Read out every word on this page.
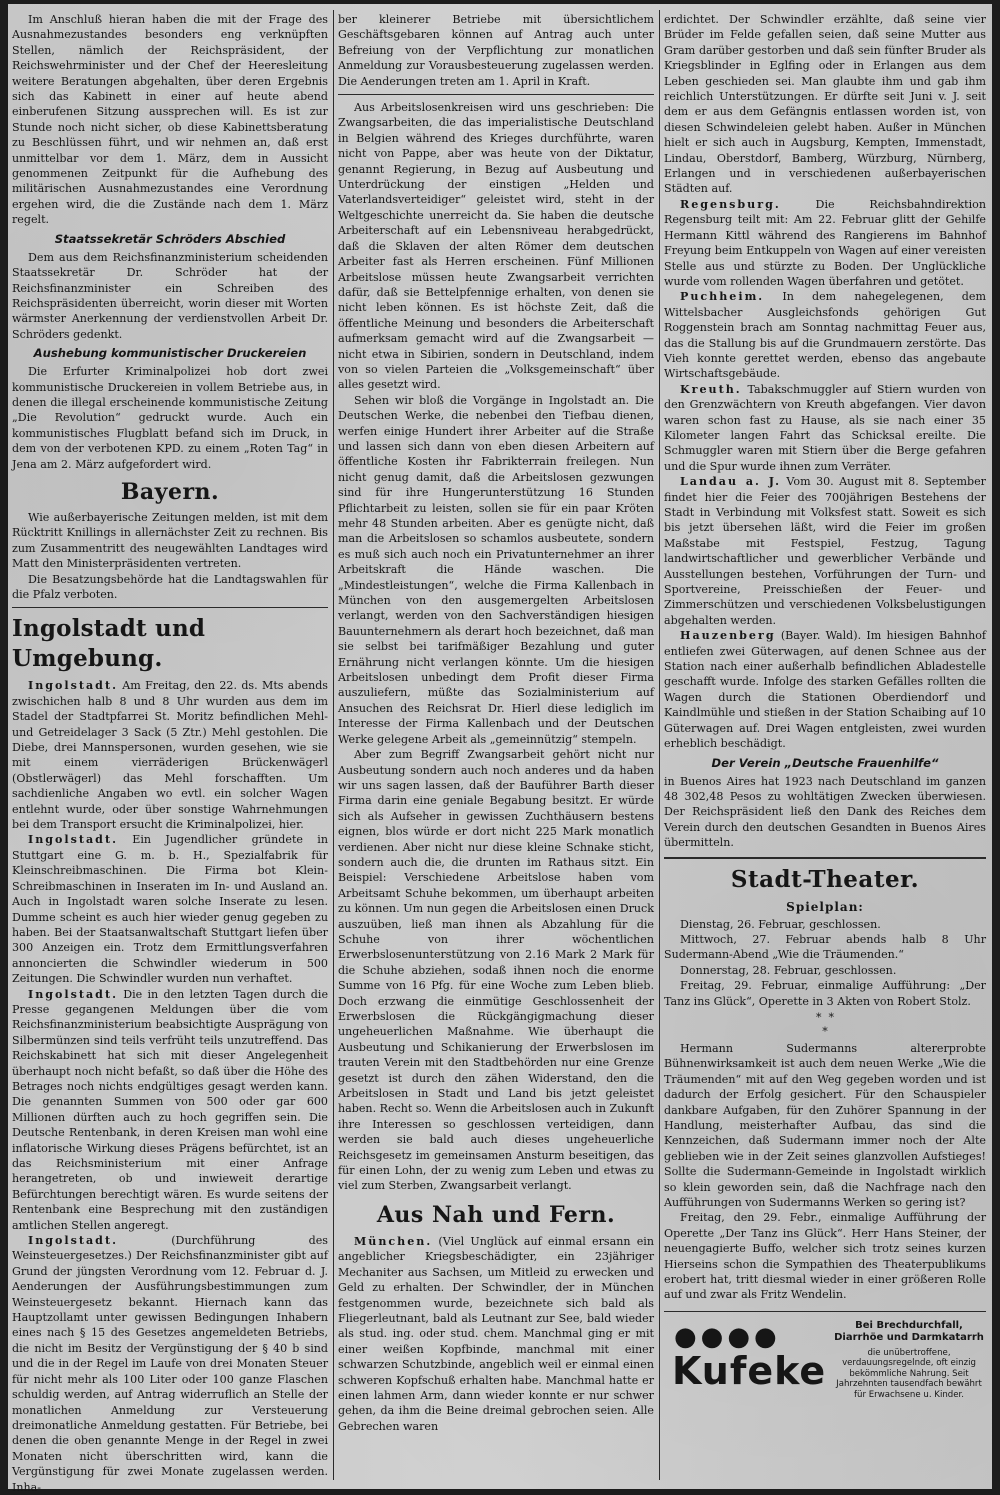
Im Anschluß hieran haben die mit der Frage des Ausnahmezustandes besonders eng verknüpften Stellen, nämlich der Reichspräsident, der Reichswehrminister und der Chef der Heeresleitung weitere Beratungen abgehalten, über deren Ergebnis sich das Kabinett in einer auf heute abend einberufenen Sitzung aussprechen will. Es ist zur Stunde noch nicht sicher, ob diese Kabinettsberatung zu Beschlüssen führt, und wir nehmen an, daß erst unmittelbar vor dem 1. März, dem in Aussicht genommenen Zeitpunkt für die Aufhebung des militärischen Ausnahmezustandes eine Verordnung ergehen wird, die die Zustände nach dem 1. März regelt.

Staatssekretär Schröders Abschied

Dem aus dem Reichsfinanzministerium scheidenden Staatssekretär Dr. Schröder hat der Reichsfinanzminister ein Schreiben des Reichspräsidenten überreicht, worin dieser mit Worten wärmster Anerkennung der verdienstvollen Arbeit Dr. Schröders gedenkt.

Aushebung kommunistischer Druckereien

Die Erfurter Kriminalpolizei hob dort zwei kommunistische Druckereien in vollem Betriebe aus, in denen die illegal erscheinende kommunistische Zeitung „Die Revolution“ gedruckt wurde. Auch ein kommunistisches Flugblatt befand sich im Druck, in dem von der verbotenen KPD. zu einem „Roten Tag“ in Jena am 2. März aufgefordert wird.

Bayern.

Wie außerbayerische Zeitungen melden, ist mit dem Rücktritt Knillings in allernächster Zeit zu rechnen. Bis zum Zusammentritt des neugewählten Landtages wird Matt den Ministerpräsidenten vertreten.

Die Besatzungsbehörde hat die Landtagswahlen für die Pfalz verboten.

Ingolstadt und Umgebung.

Ingolstadt. Am Freitag, den 22. ds. Mts abends zwischichen halb 8 und 8 Uhr wurden aus dem im Stadel der Stadtpfarrei St. Moritz befindlichen Mehl- und Getreidelager 3 Sack (5 Ztr.) Mehl gestohlen. Die Diebe, drei Mannspersonen, wurden gesehen, wie sie mit einem vierräderigen Brückenwägerl (Obstlerwägerl) das Mehl forschafften. Um sachdienliche Angaben wo evtl. ein solcher Wagen entlehnt wurde, oder über sonstige Wahrnehmungen bei dem Transport ersucht die Kriminalpolizei, hier.

Ingolstadt. Ein Jugendlicher gründete in Stuttgart eine G. m. b. H., Spezialfabrik für Kleinschreibmaschinen. Die Firma bot Klein-Schreibmaschinen in Inseraten im In- und Ausland an. Auch in Ingolstadt waren solche Inserate zu lesen. Dumme scheint es auch hier wieder genug gegeben zu haben. Bei der Staatsanwaltschaft Stuttgart liefen über 300 Anzeigen ein. Trotz dem Ermittlungsverfahren annoncierten die Schwindler wiederum in 500 Zeitungen. Die Schwindler wurden nun verhaftet.

Ingolstadt. Die in den letzten Tagen durch die Presse gegangenen Meldungen über die vom Reichsfinanzministerium beabsichtigte Ausprägung von Silbermünzen sind teils verfrüht teils unzutreffend. Das Reichskabinett hat sich mit dieser Angelegenheit überhaupt noch nicht befaßt, so daß über die Höhe des Betrages noch nichts endgültiges gesagt werden kann. Die genannten Summen von 500 oder gar 600 Millionen dürften auch zu hoch gegriffen sein. Die Deutsche Rentenbank, in deren Kreisen man wohl eine inflatorische Wirkung dieses Prägens befürchtet, ist an das Reichsministerium mit einer Anfrage herangetreten, ob und inwieweit derartige Befürchtungen berechtigt wären. Es wurde seitens der Rentenbank eine Besprechung mit den zuständigen amtlichen Stellen angeregt.

Ingolstadt.	(Durchführung des Weinsteuergesetzes.) Der Reichsfinanzminister gibt auf Grund der jüngsten Verordnung vom 12. Februar d. J. Aenderungen der Ausführungsbestimmungen zum Weinsteuergesetz bekannt. Hiernach kann das Hauptzollamt unter gewissen Bedingungen Inhabern eines nach § 15 des Gesetzes angemeldeten Betriebs, die nicht im Besitz der Vergünstigung der § 40 b sind und die in der Regel im Laufe von drei Monaten Steuer für nicht mehr als 100 Liter oder 100 ganze Flaschen schuldig werden, auf Antrag widerruflich an Stelle der monatlichen Anmeldung zur Versteuerung dreimonatliche Anmeldung gestatten. Für Betriebe, bei denen die oben genannte Menge in der Regel in zwei Monaten nicht überschritten wird, kann die Vergünstigung für zwei Monate zugelassen werden. Inha-

ber kleinerer Betriebe mit übersichtlichem Geschäftsgebaren können auf Antrag auch unter Befreiung von der Verpflichtung zur monatlichen Anmeldung zur Vorausbesteuerung zugelassen werden. Die Aenderungen treten am 1. April in Kraft.

Aus Arbeitslosenkreisen wird uns geschrieben: Die Zwangsarbeiten, die das imperialistische Deutschland in Belgien während des Krieges durchführte, waren nicht von Pappe, aber was heute von der Diktatur, genannt Regierung, in Bezug auf Ausbeutung und Unterdrückung der einstigen „Helden und Vaterlandsverteidiger“ geleistet wird, steht in der Weltgeschichte unerreicht da. Sie haben die deutsche Arbeiterschaft auf ein Lebensniveau herabgedrückt, daß die Sklaven der alten Römer dem deutschen Arbeiter fast als Herren erscheinen. Fünf Millionen Arbeitslose müssen heute Zwangsarbeit verrichten dafür, daß sie Bettelpfennige erhalten, von denen sie nicht leben können. Es ist höchste Zeit, daß die öffentliche Meinung und besonders die Arbeiterschaft aufmerksam gemacht wird auf die Zwangsarbeit — nicht etwa in Sibirien, sondern in Deutschland, indem von so vielen Parteien die „Volksgemeinschaft“ über alles gesetzt wird.

Sehen wir bloß die Vorgänge in Ingolstadt an. Die Deutschen Werke, die nebenbei den Tiefbau dienen, werfen einige Hundert ihrer Arbeiter auf die Straße und lassen sich dann von eben diesen Arbeitern auf öffentliche Kosten ihr Fabrikterrain freilegen. Nun nicht genug damit, daß die Arbeitslosen gezwungen sind für ihre Hungerunterstützung 16 Stunden Pflichtarbeit zu leisten, sollen sie für ein paar Kröten mehr 48 Stunden arbeiten. Aber es genügte nicht, daß man die Arbeitslosen so schamlos ausbeutete, sondern es muß sich auch noch ein Privatunternehmer an ihrer Arbeitskraft die Hände waschen. Die „Mindestleistungen“, welche die Firma Kallenbach in München von den ausgemergelten Arbeitslosen verlangt, werden von den Sachverständigen hiesigen Bauunternehmern als derart hoch bezeichnet, daß man sie selbst bei tarifmäßiger Bezahlung und guter Ernährung nicht verlangen könnte. Um die hiesigen Arbeitslosen unbedingt dem Profit dieser Firma auszuliefern, müßte das Sozialministerium auf Ansuchen des Reichsrat Dr. Hierl diese lediglich im Interesse der Firma Kallenbach und der Deutschen Werke gelegene Arbeit als „gemeinnützig“ stempeln.

Aber zum Begriff Zwangsarbeit gehört nicht nur Ausbeutung sondern auch noch anderes und da haben wir uns sagen lassen, daß der Bauführer Barth dieser Firma darin eine geniale Begabung besitzt. Er würde sich als Aufseher in gewissen Zuchthäusern bestens eignen, blos würde er dort nicht 225 Mark monatlich verdienen. Aber nicht nur diese kleine Schnake sticht, sondern auch die, die drunten im Rathaus sitzt. Ein Beispiel: Verschiedene Arbeitslose haben vom Arbeitsamt Schuhe bekommen, um überhaupt arbeiten zu können. Um nun gegen die Arbeitslosen einen Druck auszuüben, ließ man ihnen als Abzahlung für die Schuhe von ihrer wöchentlichen Erwerbslosenunterstützung von 2.16 Mark 2 Mark für die Schuhe abziehen, sodaß ihnen noch die enorme Summe von 16 Pfg. für eine Woche zum Leben blieb. Doch erzwang die einmütige Geschlossenheit der Erwerbslosen die Rückgängigmachung dieser ungeheuerlichen Maßnahme. Wie überhaupt die Ausbeutung und Schikanierung der Erwerbslosen im trauten Verein mit den Stadtbehörden nur eine Grenze gesetzt ist durch den zähen Widerstand, den die Arbeitslosen in Stadt und Land bis jetzt geleistet haben. Recht so. Wenn die Arbeitslosen auch in Zukunft ihre Interessen so geschlossen verteidigen, dann werden sie bald auch dieses ungeheuerliche Reichsgesetz im gemeinsamen Ansturm beseitigen, das für einen Lohn, der zu wenig zum Leben und etwas zu viel zum Sterben, Zwangsarbeit verlangt.

Aus Nah und Fern.

München. (Viel Unglück auf einmal ersann ein angeblicher Kriegsbeschädigter, ein 23jähriger Mechaniter aus Sachsen, um Mitleid zu erwecken und Geld zu erhalten. Der Schwindler, der in München festgenommen wurde, bezeichnete sich bald als Fliegerleutnant, bald als Leutnant zur See, bald wieder als stud. ing. oder stud. chem. Manchmal ging er mit einer weißen Kopfbinde, manchmal mit einer schwarzen Schutzbinde, angeblich weil er einmal einen schweren Kopfschuß erhalten habe. Manchmal hatte er einen lahmen Arm, dann wieder konnte er nur schwer gehen, da ihm die Beine dreimal gebrochen seien. Alle Gebrechen waren

erdichtet. Der Schwindler erzählte, daß seine vier Brüder im Felde gefallen seien, daß seine Mutter aus Gram darüber gestorben und daß sein fünfter Bruder als Kriegsblinder in Eglfing oder in Erlangen aus dem Leben geschieden sei. Man glaubte ihm und gab ihm reichlich Unterstützungen. Er dürfte seit Juni v. J. seit dem er aus dem Gefängnis entlassen worden ist, von diesen Schwindeleien gelebt haben. Außer in München hielt er sich auch in Augsburg, Kempten, Immenstadt, Lindau, Oberstdorf, Bamberg, Würzburg, Nürnberg, Erlangen und in verschiedenen außerbayerischen Städten auf.

Regensburg.	Die Reichsbahndirektion Regensburg teilt mit: Am 22. Februar glitt der Gehilfe Hermann Kittl während des Rangierens im Bahnhof Freyung beim Entkuppeln von Wagen auf einer vereisten Stelle aus und stürzte zu Boden. Der Unglückliche wurde vom rollenden Wagen überfahren und getötet.

Puchheim. In dem nahegelegenen, dem Wittelsbacher Ausgleichsfonds gehörigen Gut Roggenstein brach am Sonntag nachmittag Feuer aus, das die Stallung bis auf die Grundmauern zerstörte. Das Vieh konnte gerettet werden, ebenso das angebaute Wirtschaftsgebäude.

Kreuth. Tabakschmuggler auf Stiern wurden von den Grenzwächtern von Kreuth abgefangen. Vier davon waren schon fast zu Hause, als sie nach einer 35 Kilometer langen Fahrt das Schicksal ereilte. Die Schmuggler waren mit Stiern über die Berge gefahren und die Spur wurde ihnen zum Verräter.

Landau a. J. Vom 30. August mit 8. September findet hier die Feier des 700jährigen Bestehens der Stadt in Verbindung mit Volksfest statt. Soweit es sich bis jetzt übersehen läßt, wird die Feier im großen Maßstabe mit Festspiel, Festzug, Tagung landwirtschaftlicher und gewerblicher Verbände und Ausstellungen bestehen, Vorführungen der Turn- und Sportvereine, Preisschießen der Feuer- und Zimmerschützen und verschiedenen Volksbelustigungen abgehalten werden.

Hauzenberg (Bayer. Wald). Im hiesigen Bahnhof entliefen zwei Güterwagen, auf denen Schnee aus der Station nach einer außerhalb befindlichen Abladestelle geschafft wurde. Infolge des starken Gefälles rollten die Wagen durch die Stationen Oberdiendorf und Kaindlmühle und stießen in der Station Schaibing auf 10 Güterwagen auf. Drei Wagen entgleisten, zwei wurden erheblich beschädigt.

Der Verein „Deutsche Frauenhilfe“

in Buenos Aires hat 1923 nach Deutschland im ganzen 48 302,48 Pesos zu wohltätigen Zwecken überwiesen. Der Reichspräsident ließ den Dank des Reiches dem Verein durch den deutschen Gesandten in Buenos Aires übermitteln.

Stadt-Theater.
Spielplan:

Dienstag, 26. Februar, geschlossen.

Mittwoch, 27. Februar abends halb 8 Uhr Sudermann-Abend „Wie die Träumenden.“

Donnerstag, 28. Februar, geschlossen.

Freitag, 29. Februar, einmalige Aufführung: „Der Tanz ins Glück“, Operette in 3 Akten von Robert Stolz.

*  *
*

Hermann Sudermanns altererprobte Bühnenwirksamkeit ist auch dem neuen Werke „Wie die Träumenden“ mit auf den Weg gegeben worden und ist dadurch der Erfolg gesichert. Für den Schauspieler dankbare Aufgaben, für den Zuhörer Spannung in der Handlung, meisterhafter Aufbau, das sind die Kennzeichen, daß Sudermann immer noch der Alte geblieben wie in der Zeit seines glanzvollen Aufstieges! Sollte die Sudermann-Gemeinde in Ingolstadt wirklich so klein geworden sein, daß die Nachfrage nach den Aufführungen von Sudermanns Werken so gering ist?

Freitag, den 29. Febr., einmalige Aufführung der Operette „Der Tanz ins Glück“. Herr Hans Steiner, der neuengagierte Buffo, welcher sich trotz seines kurzen Hierseins schon die Sympathien des Theaterpublikums erobert hat, tritt diesmal wieder in einer größeren Rolle auf und zwar als Fritz Wendelin.

●●●●
Kufeke
Bei Brechdurchfall, Diarrhöe und Darmkatarrh
die unübertroffene, verdauungsregelnde, oft einzig bekömmliche Nahrung. Seit Jahrzehnten tausendfach bewährt für Erwachsene u. Kinder.
